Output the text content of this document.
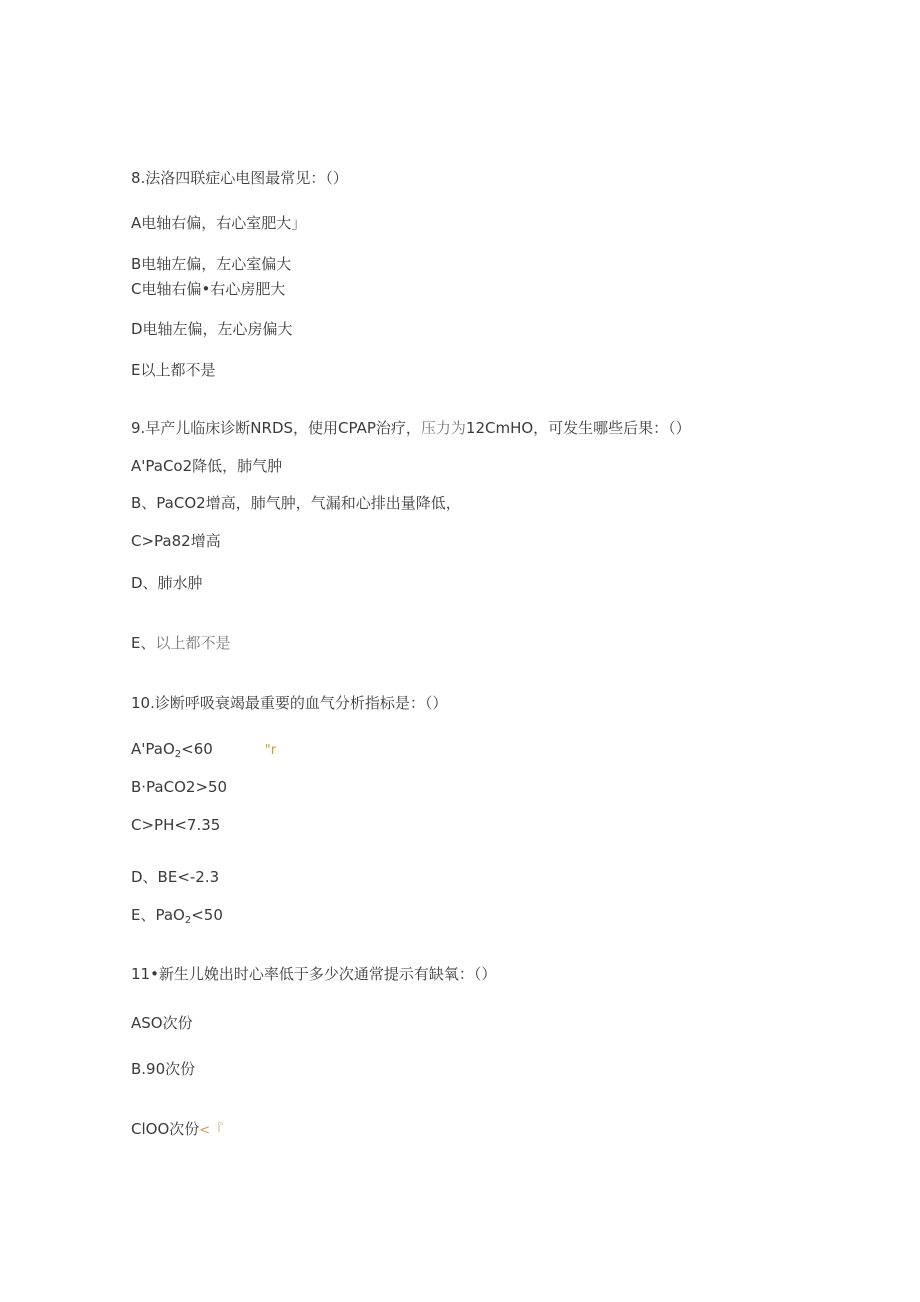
8.法洛四联症心电图最常见：（）
A电轴右偏，右心室肥大」
B电轴左偏，左心室偏大
C电轴右偏•右心房肥大
D电轴左偏，左心房偏大
E以上都不是
9.早产儿临床诊断NRDS，使用CPAP治疗，压力为12CmHO，可发生哪些后果：（）
A'PaCo2降低，肺气肿
B、PaCO2增高，肺气肿，气漏和心排出量降低，
C>Pa82增高
D、肺水肿
E、以上都不是
10.诊断呼吸衰竭最重要的血气分析指标是：（）
A'PaO$_2$<60	"r
B·PaCO2>50
C>PH<7.35
D、BE<-2.3
E、PaO$_2$<50
11•新生儿娩出时心率低于多少次通常提示有缺氧：（）
ASO次份
B.90次份
ClOO次份<『
